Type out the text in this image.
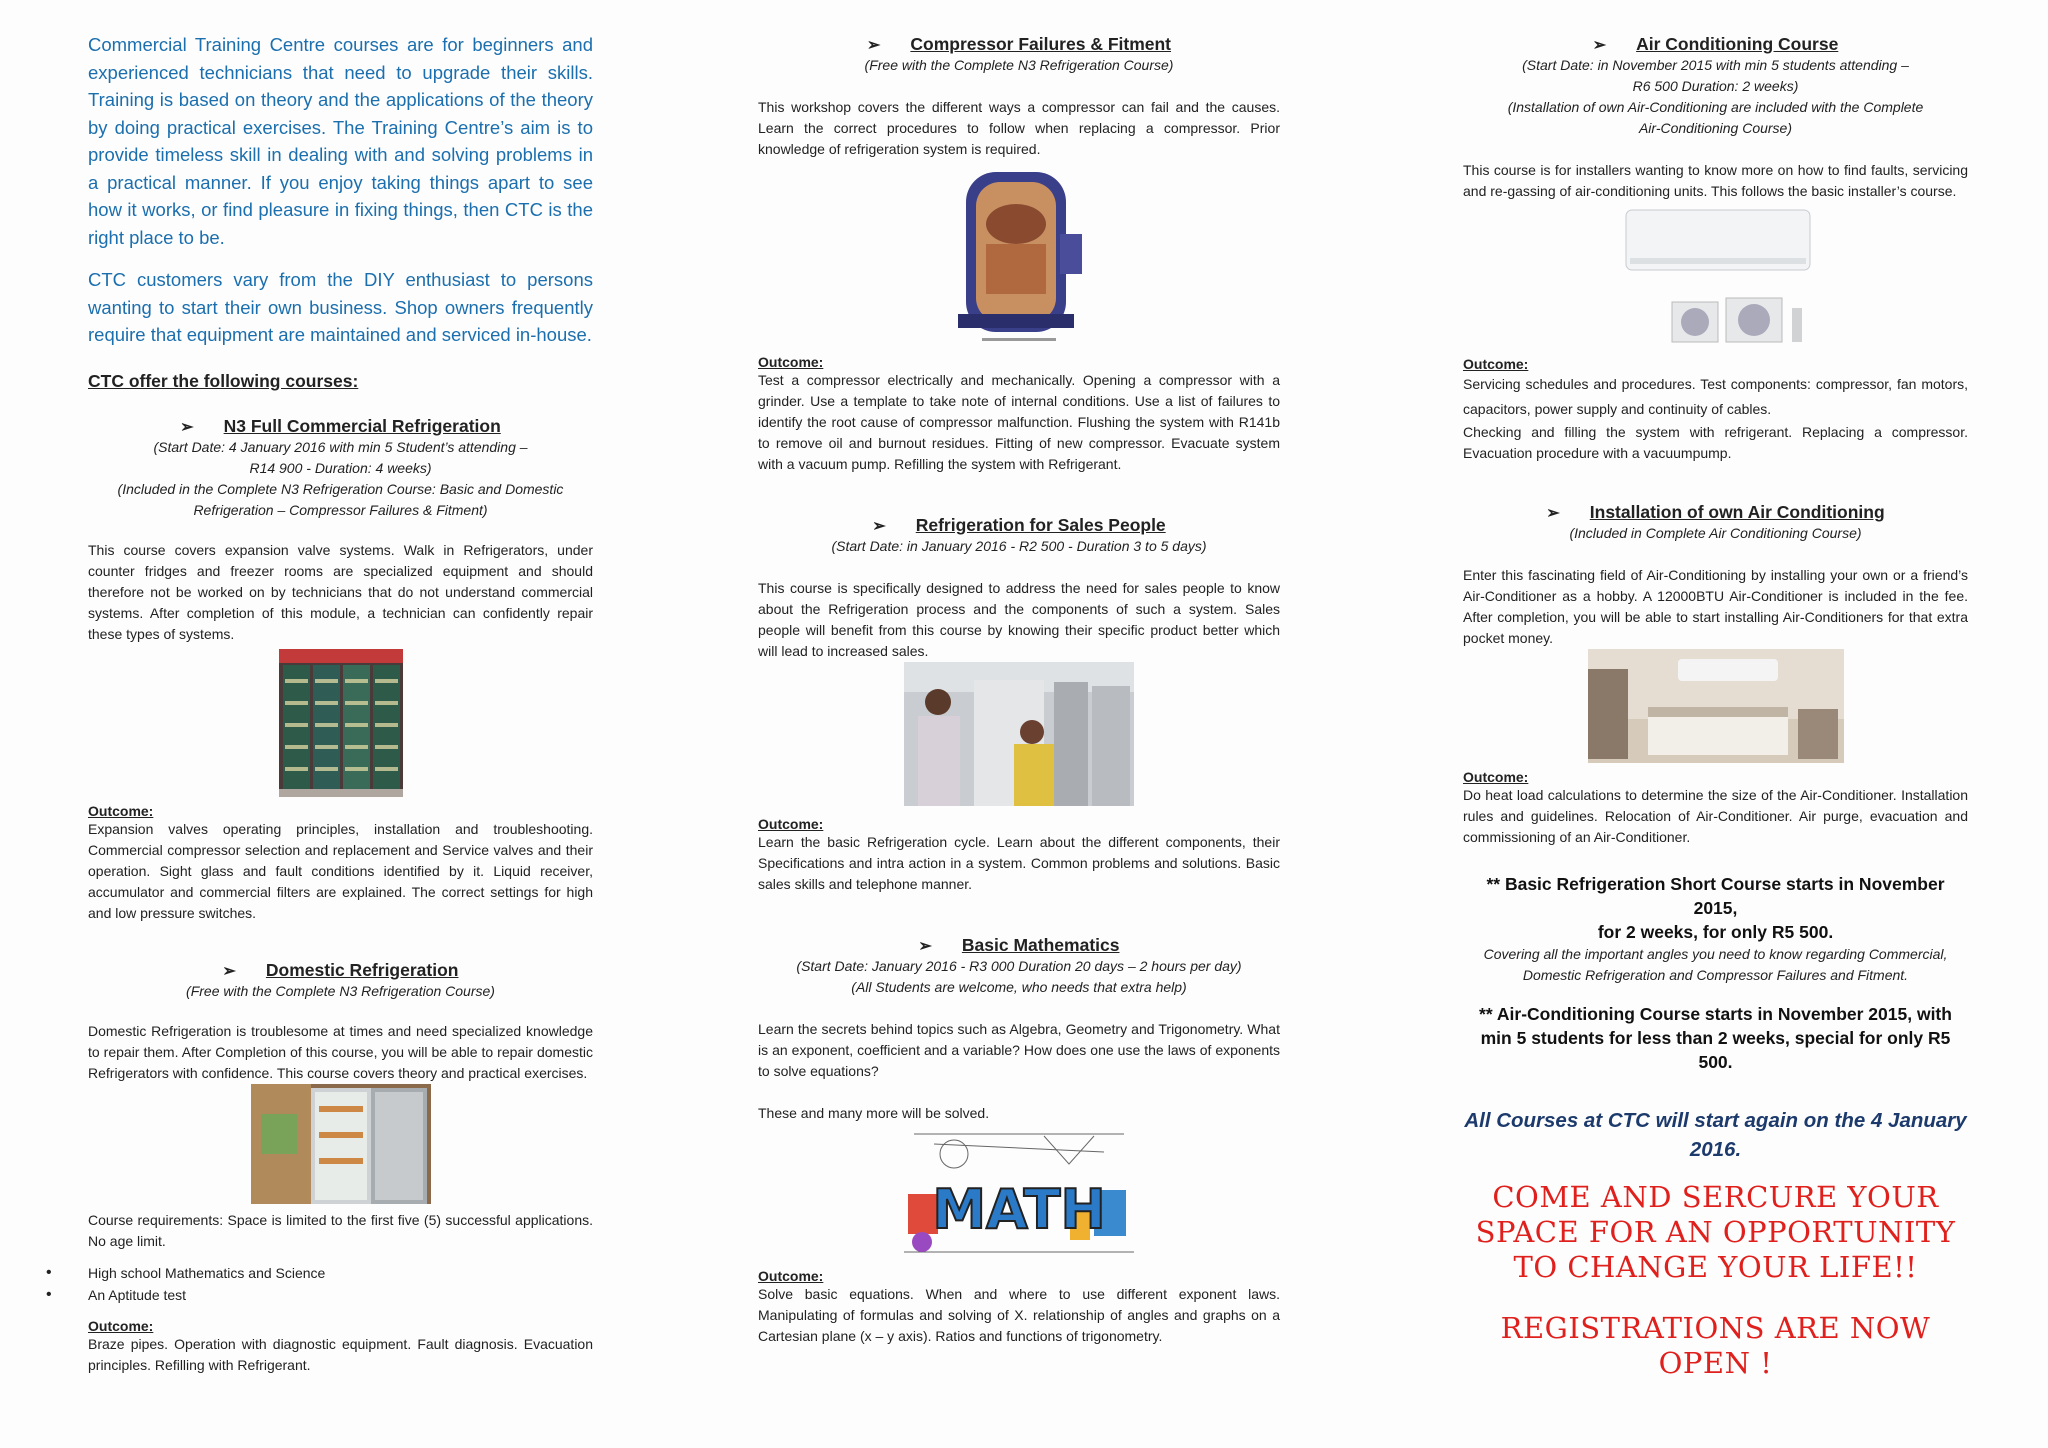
Commercial Training Centre courses are for beginners and experienced technicians that need to upgrade their skills. Training is based on theory and the applications of the theory by doing practical exercises. The Training Centre’s aim is to provide timeless skill in dealing with and solving problems in a practical manner. If you enjoy taking things apart to see how it works, or find pleasure in fixing things, then CTC is the right place to be.

CTC customers vary from the DIY enthusiast to persons wanting to start their own business. Shop owners frequently require that equipment are maintained and serviced in-house.

CTC offer the following courses:

➢ N3 Full Commercial Refrigeration

(Start Date: 4 January 2016 with min 5 Student’s attending –

R14 900 - Duration: 4 weeks)

(Included in the Complete N3 Refrigeration Course: Basic and Domestic

Refrigeration – Compressor Failures & Fitment)

This course covers expansion valve systems. Walk in Refrigerators, under counter fridges and freezer rooms are specialized equipment and should therefore not be worked on by technicians that do not understand commercial systems. After completion of this module, a technician can confidently repair these types of systems.

Outcome:

Expansion valves operating principles, installation and troubleshooting. Commercial compressor selection and replacement and Service valves and their operation. Sight glass and fault conditions identified by it. Liquid receiver, accumulator and commercial filters are explained. The correct settings for high and low pressure switches.

➢ Domestic Refrigeration

(Free with the Complete N3 Refrigeration Course)

Domestic Refrigeration is troublesome at times and need specialized knowledge to repair them. After Completion of this course, you will be able to repair domestic Refrigerators with confidence. This course covers theory and practical exercises.

Course requirements: Space is limited to the first five (5) successful applications. No age limit.

• High school Mathematics and Science
• An Aptitude test

Outcome:

Braze pipes. Operation with diagnostic equipment. Fault diagnosis. Evacuation principles. Refilling with Refrigerant.

➢ Compressor Failures & Fitment

(Free with the Complete N3 Refrigeration Course)

This workshop covers the different ways a compressor can fail and the causes. Learn the correct procedures to follow when replacing a compressor. Prior knowledge of refrigeration system is required.

Outcome:

Test a compressor electrically and mechanically. Opening a compressor with a grinder. Use a template to take note of internal conditions. Use a list of failures to identify the root cause of compressor malfunction. Flushing the system with R141b to remove oil and burnout residues. Fitting of new compressor. Evacuate system with a vacuum pump. Refilling the system with Refrigerant.

➢ Refrigeration for Sales People

(Start Date: in January 2016 - R2 500 - Duration 3 to 5 days)

This course is specifically designed to address the need for sales people to know about the Refrigeration process and the components of such a system. Sales people will benefit from this course by knowing their specific product better which will lead to increased sales.

Outcome:

Learn the basic Refrigeration cycle. Learn about the different components, their Specifications and intra action in a system. Common problems and solutions. Basic sales skills and telephone manner.

➢ Basic Mathematics

(Start Date: January 2016 - R3 000 Duration 20 days – 2 hours per day)

(All Students are welcome, who needs that extra help)

Learn the secrets behind topics such as Algebra, Geometry and Trigonometry. What is an exponent, coefficient and a variable? How does one use the laws of exponents to solve equations?

These and many more will be solved.

MATH

Outcome:

Solve basic equations. When and where to use different exponent laws. Manipulating of formulas and solving of X. relationship of angles and graphs on a Cartesian plane (x – y axis). Ratios and functions of trigonometry.

➢ Air Conditioning Course

(Start Date: in November 2015 with min 5 students attending –

R6 500 Duration: 2 weeks)

(Installation of own Air-Conditioning are included with the Complete

Air-Conditioning Course)

This course is for installers wanting to know more on how to find faults, servicing and re-gassing of air-conditioning units. This follows the basic installer’s course.

Outcome:

Servicing schedules and procedures. Test components: compressor, fan motors, capacitors, power supply and continuity of cables.

Checking and filling the system with refrigerant. Replacing a compressor. Evacuation procedure with a vacuumpump.

➢ Installation of own Air Conditioning

(Included in Complete Air Conditioning Course)

Enter this fascinating field of Air-Conditioning by installing your own or a friend’s Air-Conditioner as a hobby. A 12000BTU Air-Conditioner is included in the fee. After completion, you will be able to start installing Air-Conditioners for that extra pocket money.

Outcome:

Do heat load calculations to determine the size of the Air-Conditioner. Installation rules and guidelines. Relocation of Air-Conditioner. Air purge, evacuation and commissioning of an Air-Conditioner.

** Basic Refrigeration Short Course starts in November 2015,
for 2 weeks, for only R5 500.

Covering all the important angles you need to know regarding Commercial, Domestic Refrigeration and Compressor Failures and Fitment.

** Air-Conditioning Course starts in November 2015, with min 5 students for less than 2 weeks, special for only R5 500.

All Courses at CTC will start again on the 4 January 2016.

COME AND SERCURE YOUR SPACE FOR AN OPPORTUNITY TO CHANGE YOUR LIFE!!

REGISTRATIONS ARE NOW OPEN !
